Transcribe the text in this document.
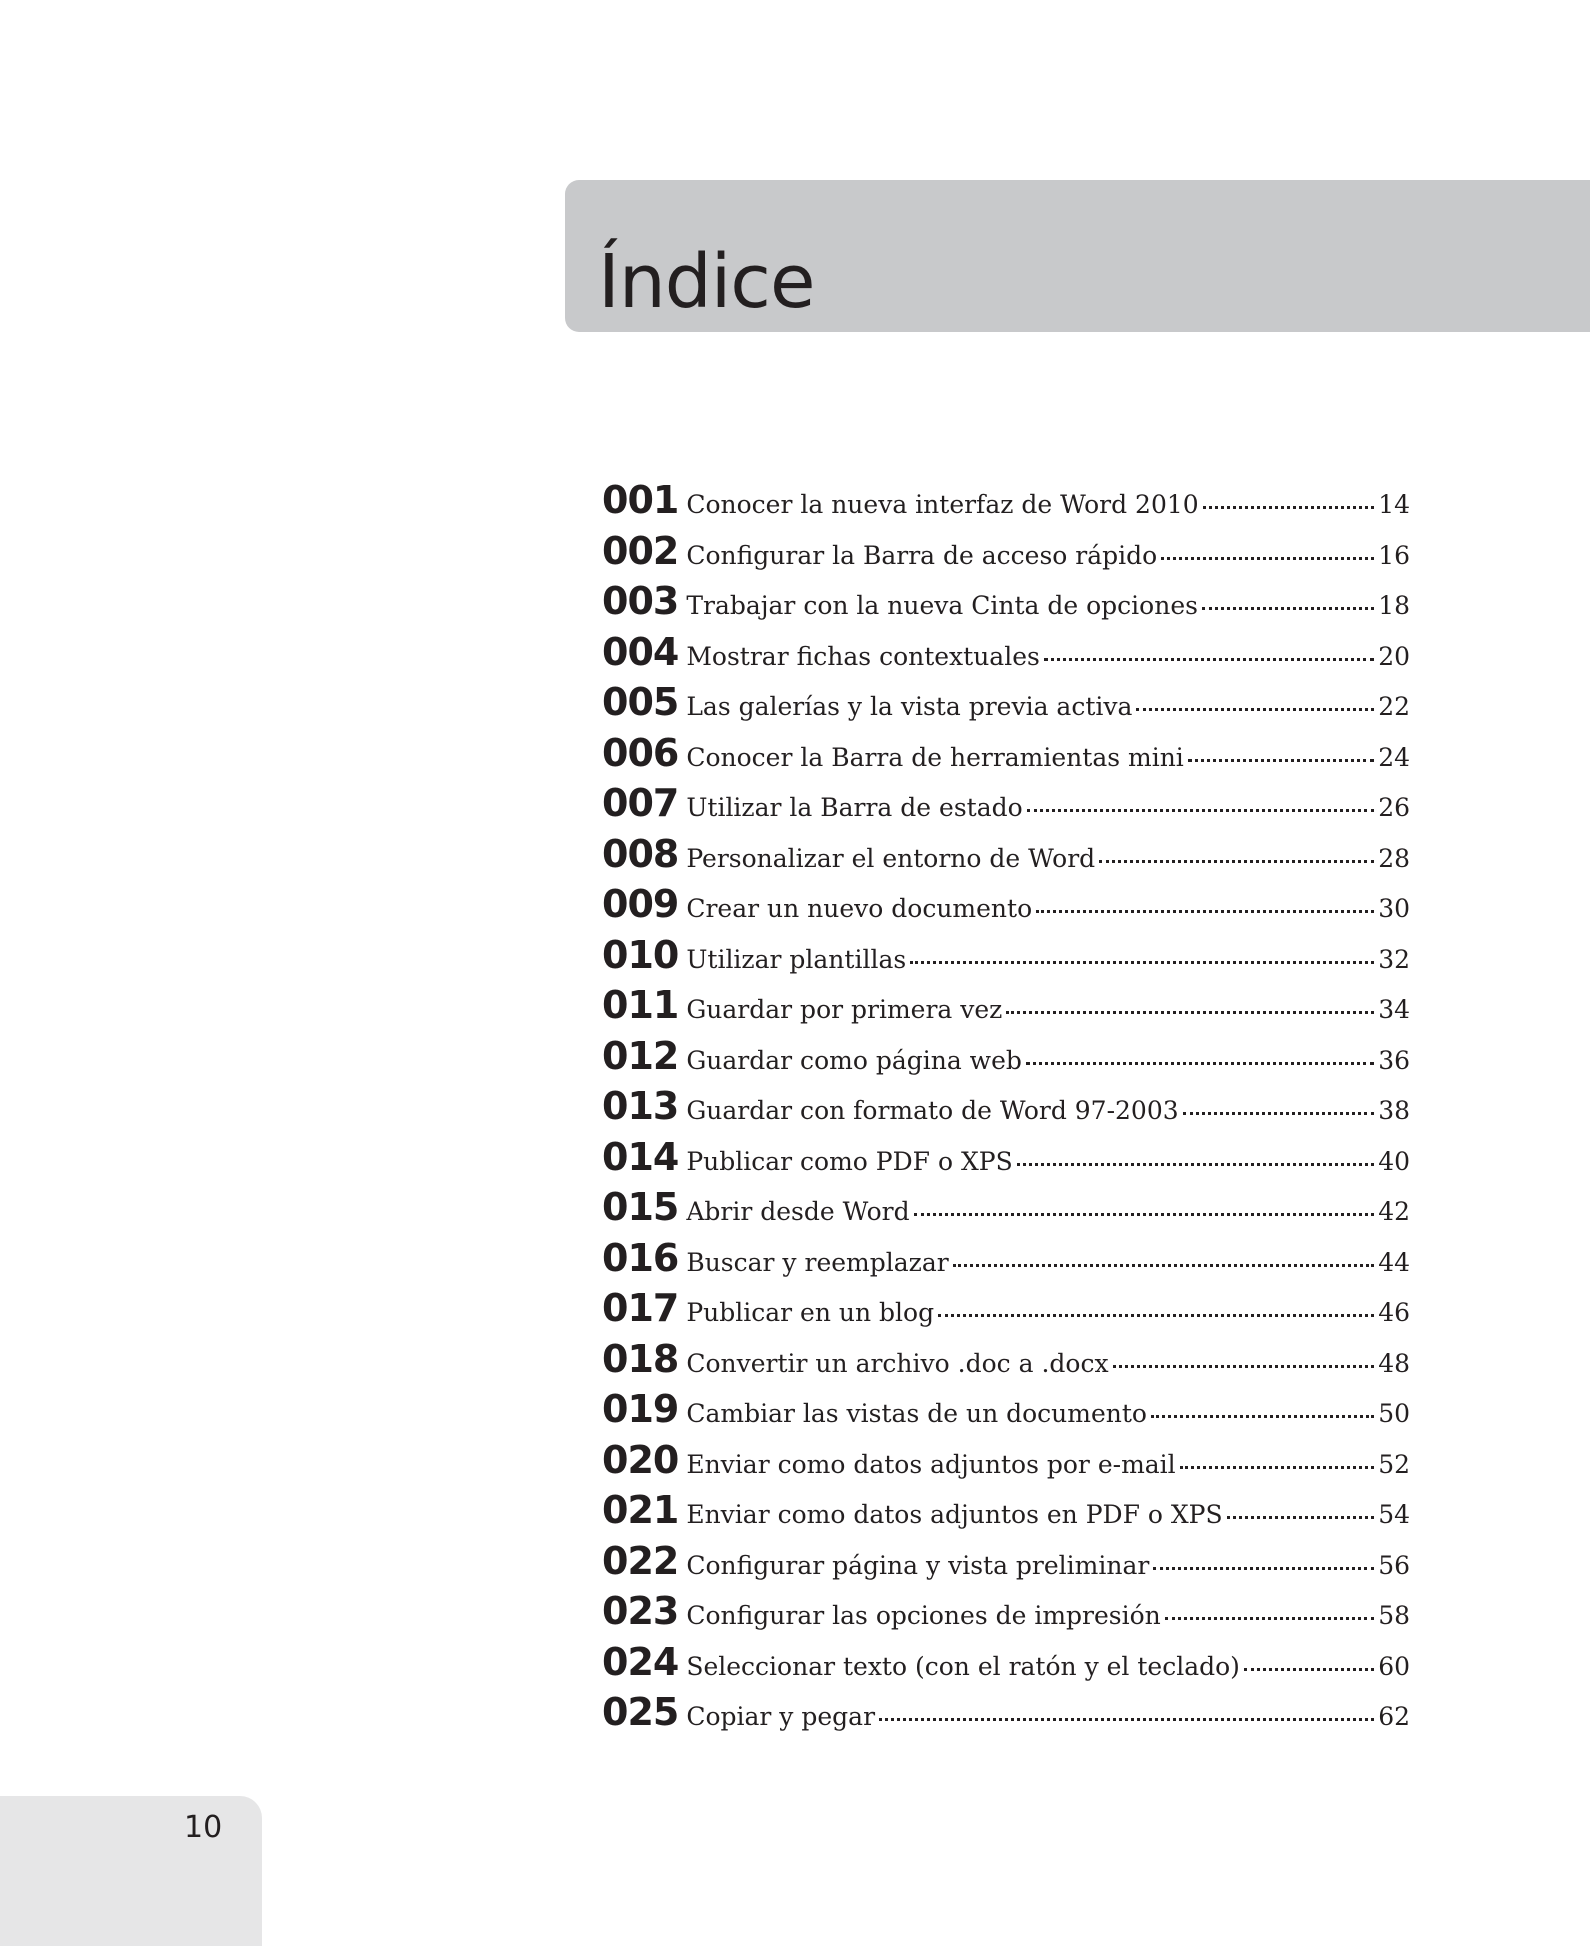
Índice
001 Conocer la nueva interfaz de Word 2010	14
002 Configurar la Barra de acceso rápido	16
003 Trabajar con la nueva Cinta de opciones	18
004 Mostrar fichas contextuales	20
005 Las galerías y la vista previa activa	22
006 Conocer la Barra de herramientas mini	24
007 Utilizar la Barra de estado	26
008 Personalizar el entorno de Word	28
009 Crear un nuevo documento	30
010 Utilizar plantillas	32
011 Guardar por primera vez	34
012 Guardar como página web	36
013 Guardar con formato de Word 97-2003	38
014 Publicar como PDF o XPS	40
015 Abrir desde Word	42
016 Buscar y reemplazar	44
017 Publicar en un blog	46
018 Convertir un archivo .doc a .docx	48
019 Cambiar las vistas de un documento	50
020 Enviar como datos adjuntos por e-mail	52
021 Enviar como datos adjuntos en PDF o XPS	54
022 Configurar página y vista preliminar	56
023 Configurar las opciones de impresión	58
024 Seleccionar texto (con el ratón y el teclado)	60
025 Copiar y pegar	62
10
